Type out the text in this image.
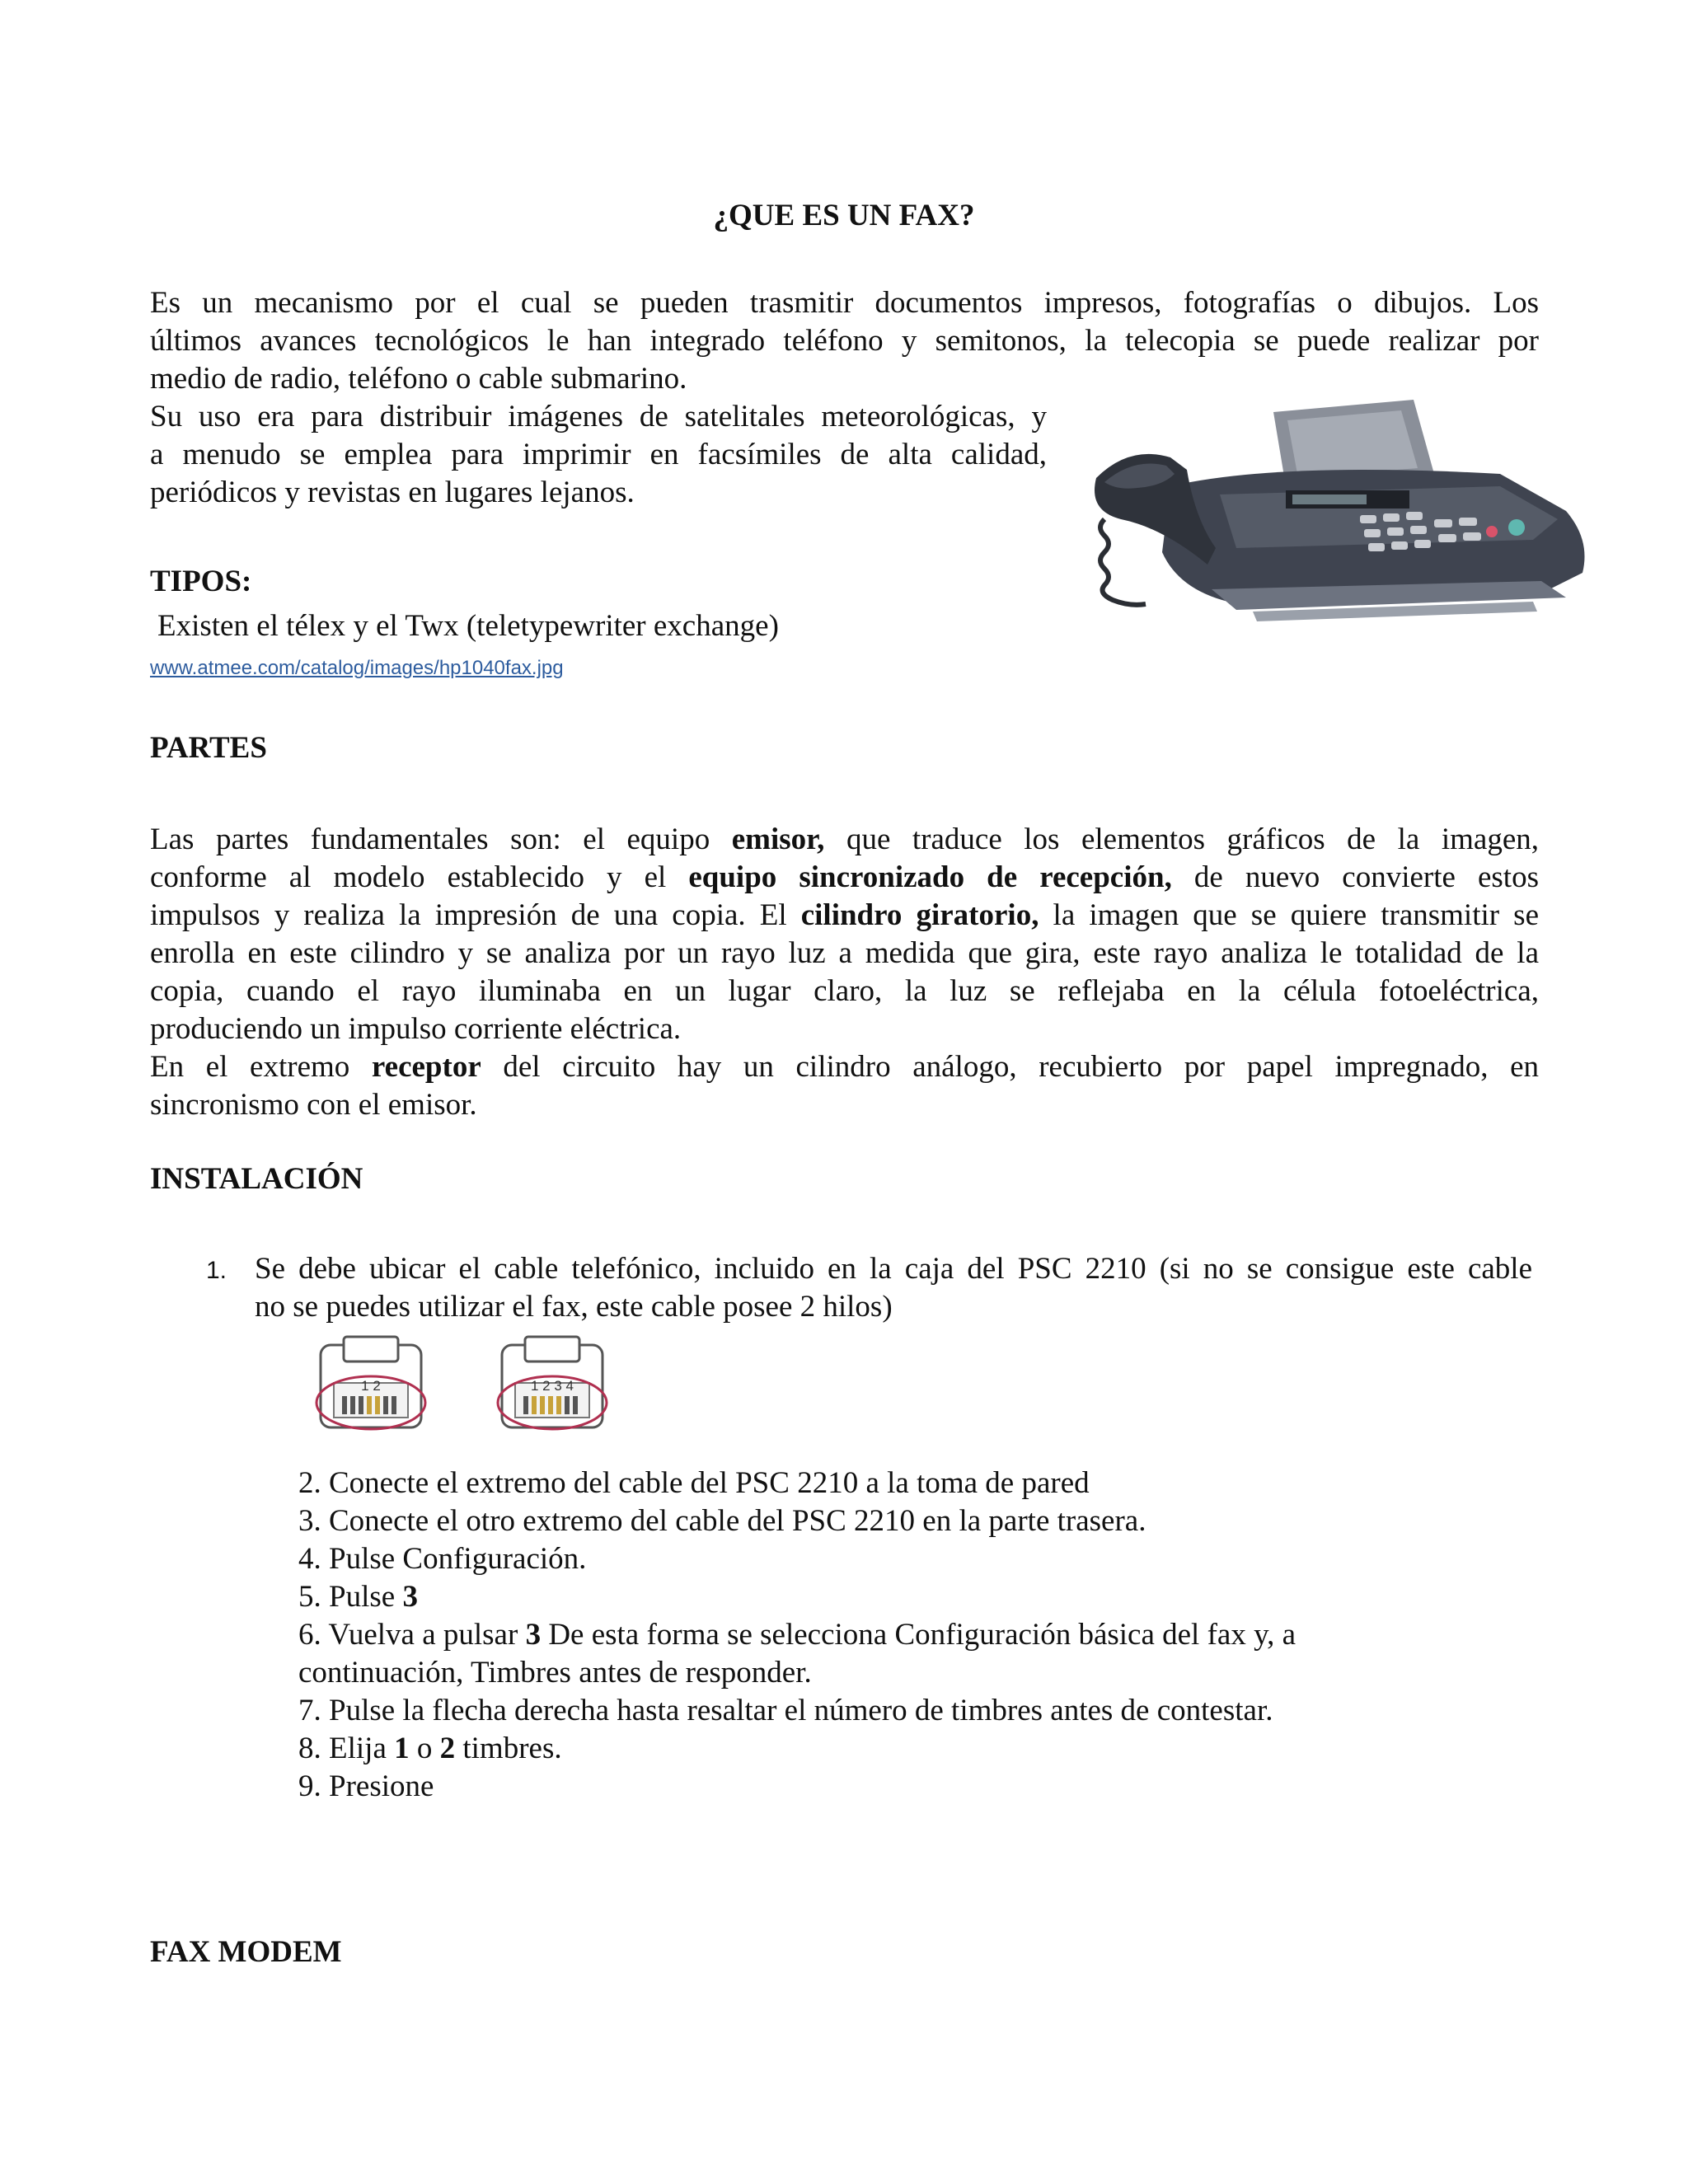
¿QUE ES UN FAX?
Es un mecanismo por el cual se pueden trasmitir documentos impresos, fotografías o dibujos. Los
últimos avances tecnológicos le han integrado teléfono y semitonos, la telecopia se puede realizar por
medio de radio, teléfono o cable submarino.
Su uso era para distribuir imágenes de satelitales meteorológicas, y
a menudo se emplea para imprimir en facsímiles de alta calidad,
periódicos y revistas en lugares lejanos.
TIPOS:
Existen el télex y el Twx (teletypewriter exchange)
www.atmee.com/catalog/images/hp1040fax.jpg
PARTES
Las partes fundamentales son: el equipo emisor, que traduce los elementos gráficos de la imagen,
conforme al modelo establecido y el equipo sincronizado de recepción, de nuevo convierte estos
impulsos y realiza la impresión de una copia. El cilindro giratorio, la imagen que se quiere transmitir se
enrolla en este cilindro y se analiza por un rayo luz a medida que gira, este rayo analiza le totalidad de la
copia, cuando el rayo iluminaba en un lugar claro, la luz se reflejaba en la célula fotoeléctrica,
produciendo un impulso corriente eléctrica.
En el extremo receptor del circuito hay un cilindro análogo, recubierto por papel impregnado, en
sincronismo con el emisor.
INSTALACIÓN
1. Se debe ubicar el cable telefónico, incluido en la caja del PSC 2210 (si no se consigue este cable
no se puedes utilizar el fax, este cable posee 2 hilos)
1 2	1 2 3 4
2. Conecte el extremo del cable del PSC 2210 a la toma de pared
3. Conecte el otro extremo del cable del PSC 2210 en la parte trasera.
4. Pulse Configuración.
5. Pulse 3
6. Vuelva a pulsar 3 De esta forma se selecciona Configuración básica del fax y, a
continuación, Timbres antes de responder.
7. Pulse la flecha derecha hasta resaltar el número de timbres antes de contestar.
8. Elija 1 o 2 timbres.
9. Presione
FAX MODEM
